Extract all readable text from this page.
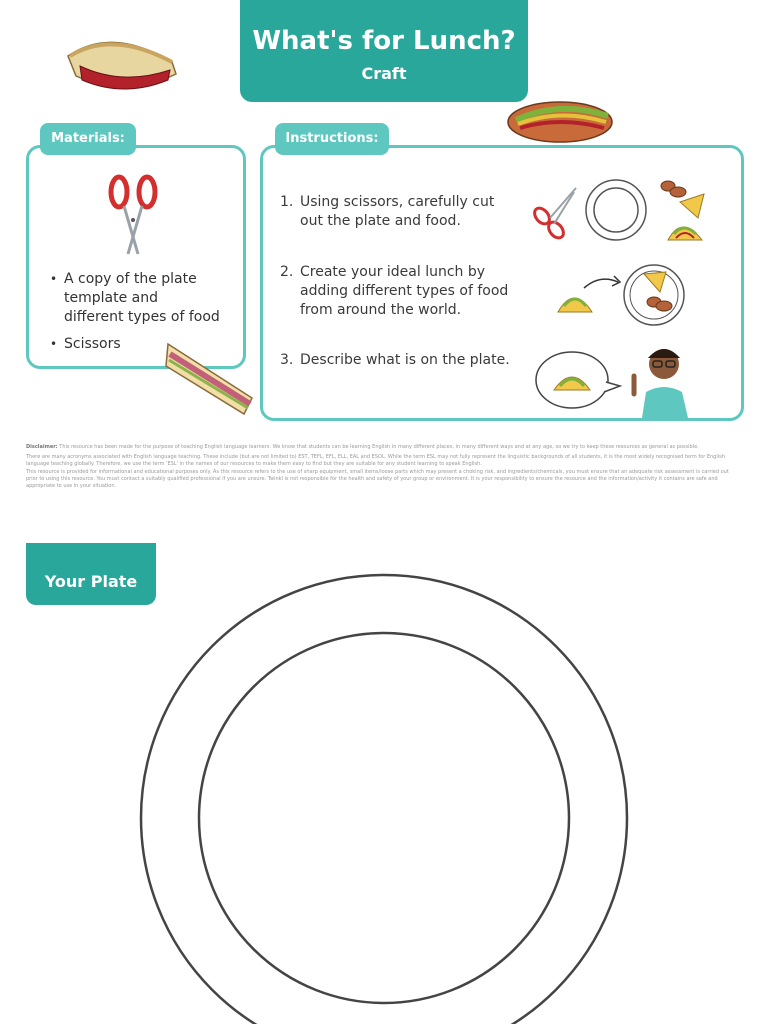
What's for Lunch?
Craft
Materials:
• A copy of the plate template and different types of food
• Scissors
Instructions:
1. Using scissors, carefully cut out the plate and food.
2. Create your ideal lunch by adding different types of food from around the world.
3. Describe what is on the plate.
Disclaimer: This resource has been made for the purpose of teaching English language learners. We know that students can be learning English in many different places, in many different ways and at any age, so we try to keep these resources as general as possible.
There are many acronyms associated with English language teaching. These include (but are not limited to) EST, TEFL, EFL, ELL, EAL and ESOL. While the term ESL may not fully represent the linguistic backgrounds of all students, it is the most widely recognised term for English language teaching globally. Therefore, we use the term 'ESL' in the names of our resources to make them easy to find but they are suitable for any student learning to speak English.
This resource is provided for informational and educational purposes only. As this resource refers to the use of sharp equipment, small items/loose parts which may present a choking risk, and ingredients/chemicals, you must ensure that an adequate risk assessment is carried out prior to using this resource. You must contact a suitably qualified professional if you are unsure. Twinkl is not responsible for the health and safety of your group or environment. It is your responsibility to ensure the resource and the information/activity it contains are safe and appropriate to use in your situation.
Your Plate
